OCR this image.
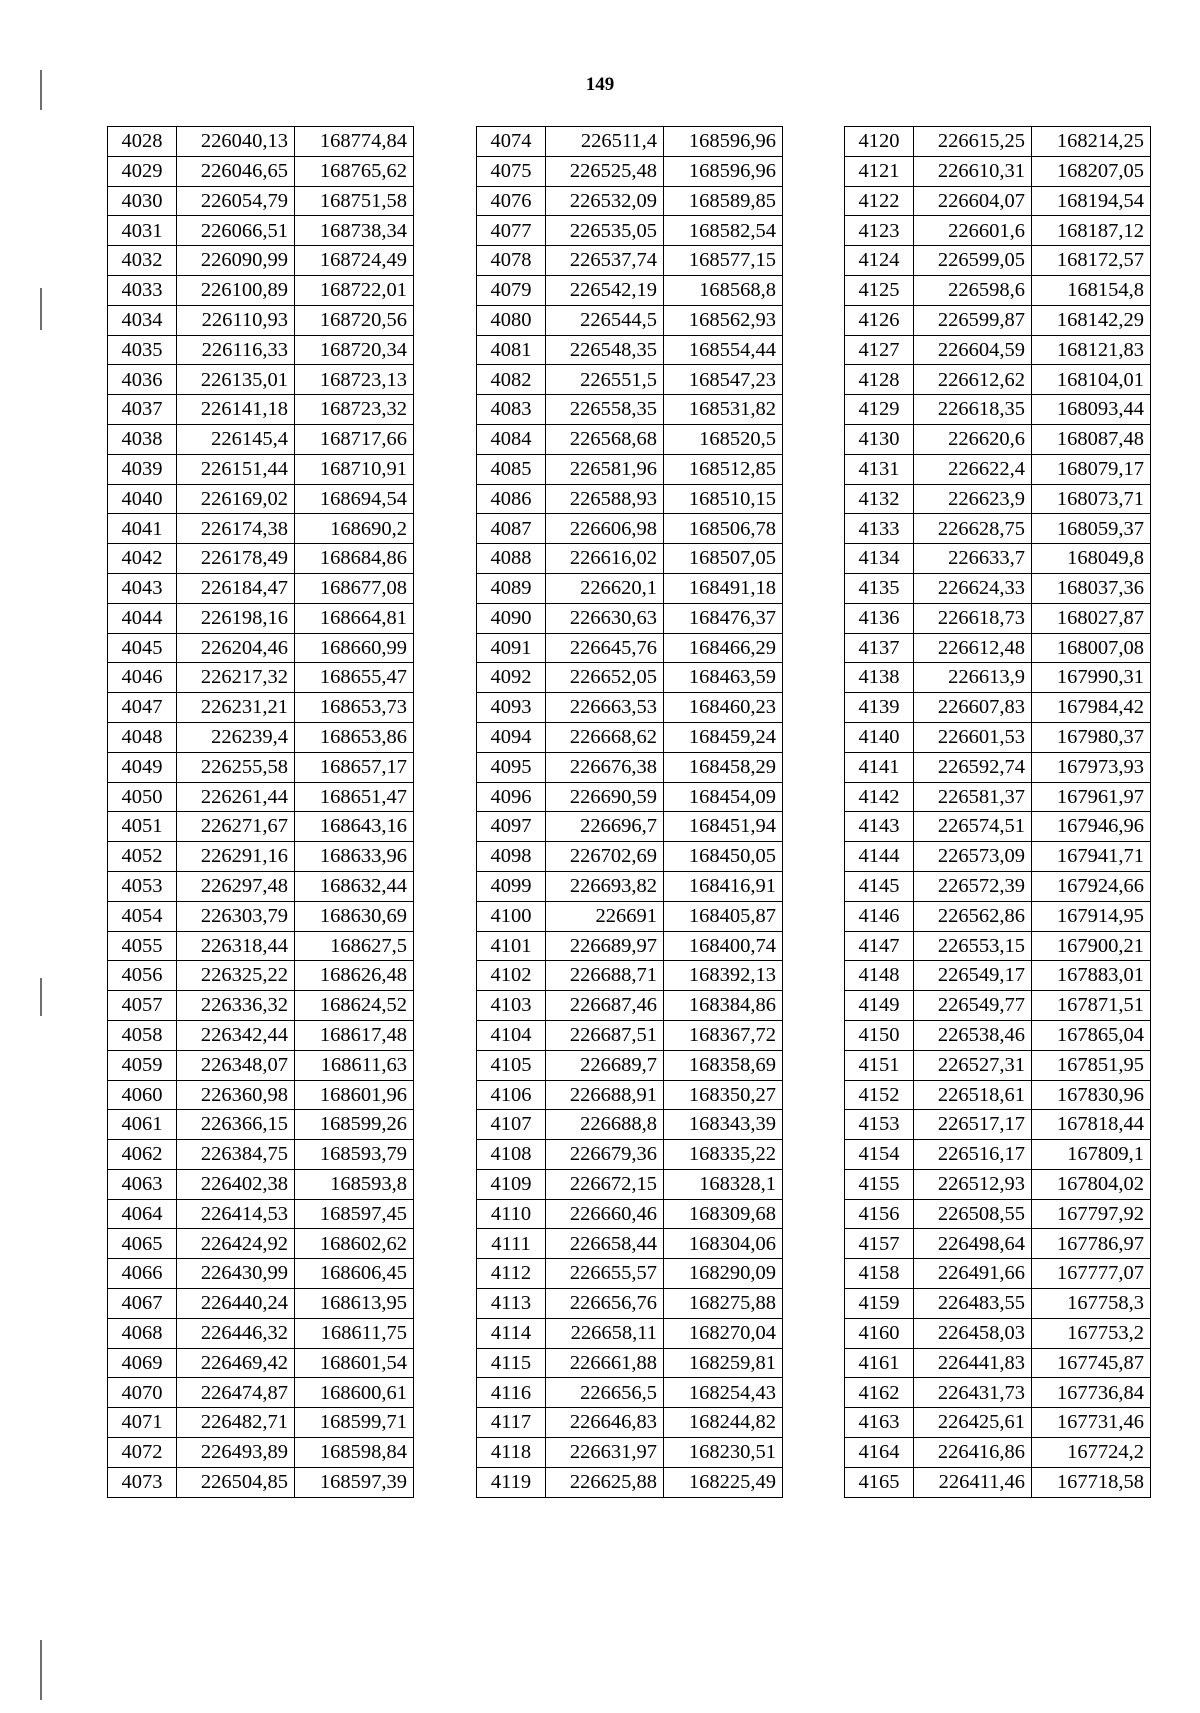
149
4028	226040,13	168774,84
4029	226046,65	168765,62
4030	226054,79	168751,58
4031	226066,51	168738,34
4032	226090,99	168724,49
4033	226100,89	168722,01
4034	226110,93	168720,56
4035	226116,33	168720,34
4036	226135,01	168723,13
4037	226141,18	168723,32
4038	226145,4	168717,66
4039	226151,44	168710,91
4040	226169,02	168694,54
4041	226174,38	168690,2
4042	226178,49	168684,86
4043	226184,47	168677,08
4044	226198,16	168664,81
4045	226204,46	168660,99
4046	226217,32	168655,47
4047	226231,21	168653,73
4048	226239,4	168653,86
4049	226255,58	168657,17
4050	226261,44	168651,47
4051	226271,67	168643,16
4052	226291,16	168633,96
4053	226297,48	168632,44
4054	226303,79	168630,69
4055	226318,44	168627,5
4056	226325,22	168626,48
4057	226336,32	168624,52
4058	226342,44	168617,48
4059	226348,07	168611,63
4060	226360,98	168601,96
4061	226366,15	168599,26
4062	226384,75	168593,79
4063	226402,38	168593,8
4064	226414,53	168597,45
4065	226424,92	168602,62
4066	226430,99	168606,45
4067	226440,24	168613,95
4068	226446,32	168611,75
4069	226469,42	168601,54
4070	226474,87	168600,61
4071	226482,71	168599,71
4072	226493,89	168598,84
4073	226504,85	168597,39
4074	226511,4	168596,96
4075	226525,48	168596,96
4076	226532,09	168589,85
4077	226535,05	168582,54
4078	226537,74	168577,15
4079	226542,19	168568,8
4080	226544,5	168562,93
4081	226548,35	168554,44
4082	226551,5	168547,23
4083	226558,35	168531,82
4084	226568,68	168520,5
4085	226581,96	168512,85
4086	226588,93	168510,15
4087	226606,98	168506,78
4088	226616,02	168507,05
4089	226620,1	168491,18
4090	226630,63	168476,37
4091	226645,76	168466,29
4092	226652,05	168463,59
4093	226663,53	168460,23
4094	226668,62	168459,24
4095	226676,38	168458,29
4096	226690,59	168454,09
4097	226696,7	168451,94
4098	226702,69	168450,05
4099	226693,82	168416,91
4100	226691	168405,87
4101	226689,97	168400,74
4102	226688,71	168392,13
4103	226687,46	168384,86
4104	226687,51	168367,72
4105	226689,7	168358,69
4106	226688,91	168350,27
4107	226688,8	168343,39
4108	226679,36	168335,22
4109	226672,15	168328,1
4110	226660,46	168309,68
4111	226658,44	168304,06
4112	226655,57	168290,09
4113	226656,76	168275,88
4114	226658,11	168270,04
4115	226661,88	168259,81
4116	226656,5	168254,43
4117	226646,83	168244,82
4118	226631,97	168230,51
4119	226625,88	168225,49
4120	226615,25	168214,25
4121	226610,31	168207,05
4122	226604,07	168194,54
4123	226601,6	168187,12
4124	226599,05	168172,57
4125	226598,6	168154,8
4126	226599,87	168142,29
4127	226604,59	168121,83
4128	226612,62	168104,01
4129	226618,35	168093,44
4130	226620,6	168087,48
4131	226622,4	168079,17
4132	226623,9	168073,71
4133	226628,75	168059,37
4134	226633,7	168049,8
4135	226624,33	168037,36
4136	226618,73	168027,87
4137	226612,48	168007,08
4138	226613,9	167990,31
4139	226607,83	167984,42
4140	226601,53	167980,37
4141	226592,74	167973,93
4142	226581,37	167961,97
4143	226574,51	167946,96
4144	226573,09	167941,71
4145	226572,39	167924,66
4146	226562,86	167914,95
4147	226553,15	167900,21
4148	226549,17	167883,01
4149	226549,77	167871,51
4150	226538,46	167865,04
4151	226527,31	167851,95
4152	226518,61	167830,96
4153	226517,17	167818,44
4154	226516,17	167809,1
4155	226512,93	167804,02
4156	226508,55	167797,92
4157	226498,64	167786,97
4158	226491,66	167777,07
4159	226483,55	167758,3
4160	226458,03	167753,2
4161	226441,83	167745,87
4162	226431,73	167736,84
4163	226425,61	167731,46
4164	226416,86	167724,2
4165	226411,46	167718,58
